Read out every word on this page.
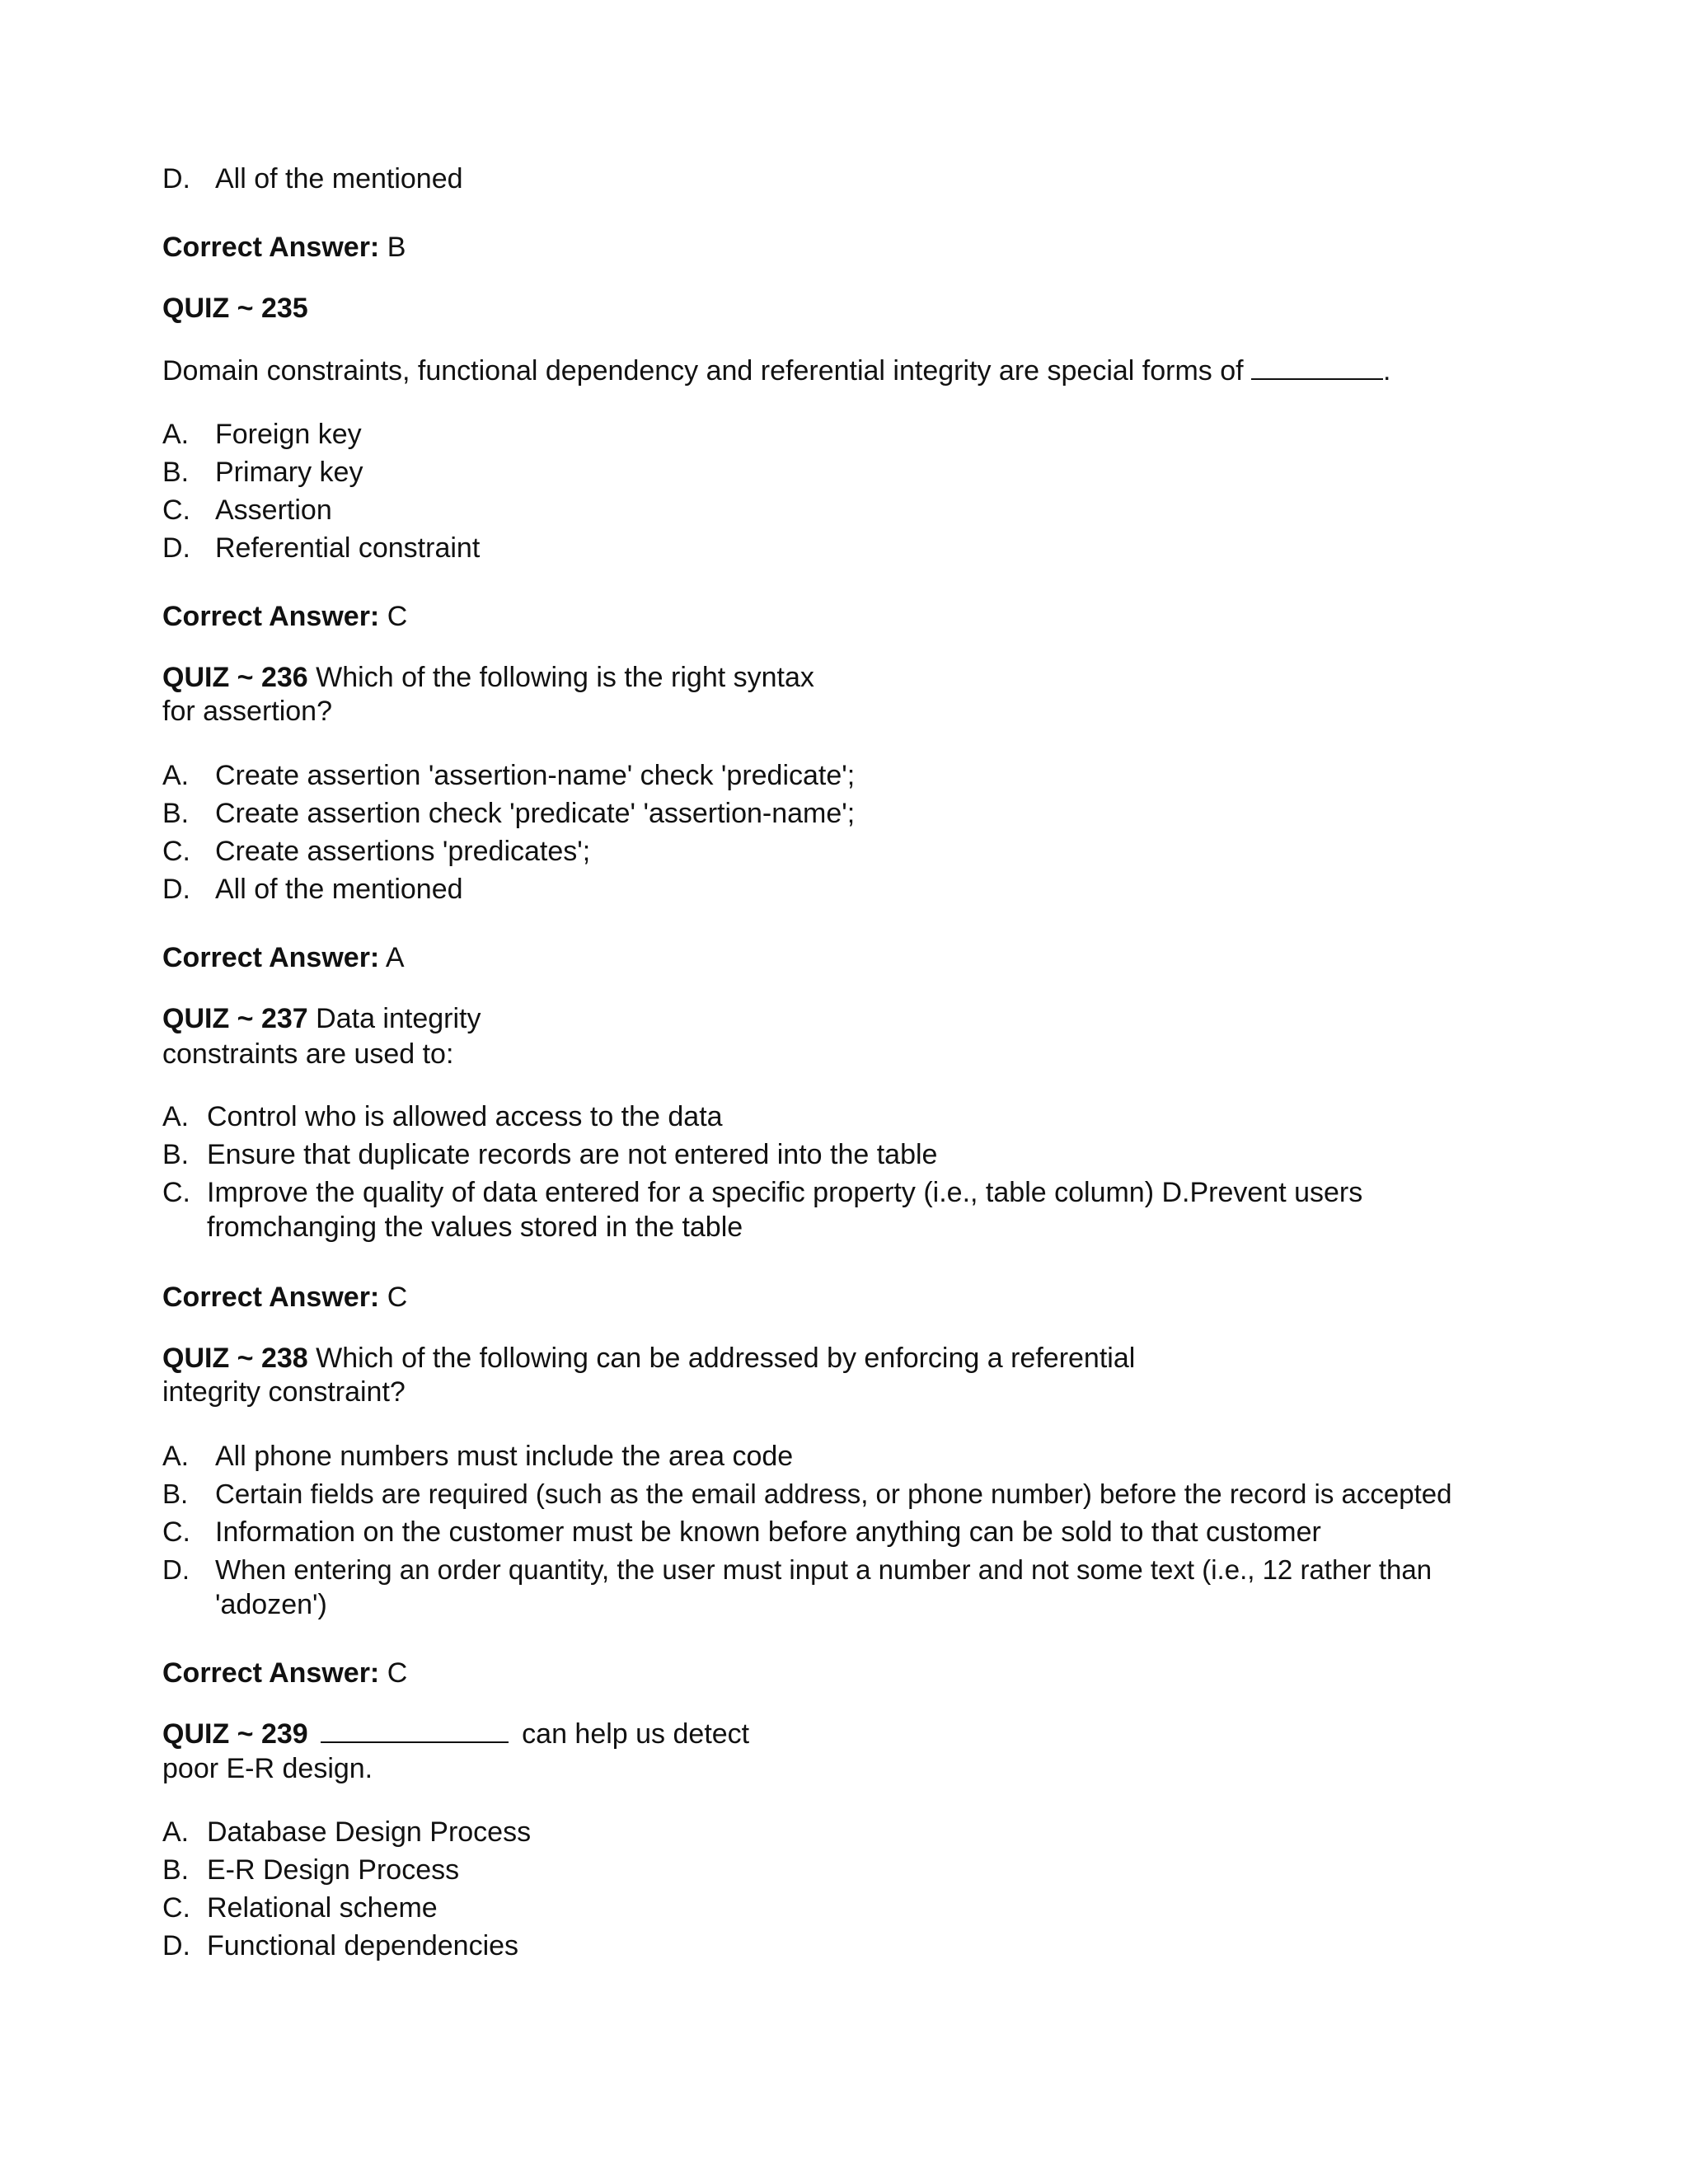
D. All of the mentioned
Correct Answer: B
QUIZ ~ 235
Domain constraints, functional dependency and referential integrity are special forms of	.
A. Foreign key
B. Primary key
C. Assertion
D. Referential constraint
Correct Answer: C
QUIZ ~ 236 Which of the following is the right syntax
for assertion?
A. Create assertion 'assertion-name' check 'predicate';
B. Create assertion check 'predicate' 'assertion-name';
C. Create assertions 'predicates';
D. All of the mentioned
Correct Answer: A
QUIZ ~ 237 Data integrity
constraints are used to:
A. Control who is allowed access to the data
B. Ensure that duplicate records are not entered into the table
C. Improve the quality of data entered for a specific property (i.e., table column) D.Prevent users
fromchanging the values stored in the table
Correct Answer: C
QUIZ ~ 238 Which of the following can be addressed by enforcing a referential
integrity constraint?
A. All phone numbers must include the area code
B. Certain fields are required (such as the email address, or phone number) before the record is accepted
C. Information on the customer must be known before anything can be sold to that customer
D. When entering an order quantity, the user must input a number and not some text (i.e., 12 rather than
'adozen')
Correct Answer: C
QUIZ ~ 239	can help us detect
poor E-R design.
A. Database Design Process
B. E-R Design Process
C. Relational scheme
D. Functional dependencies
